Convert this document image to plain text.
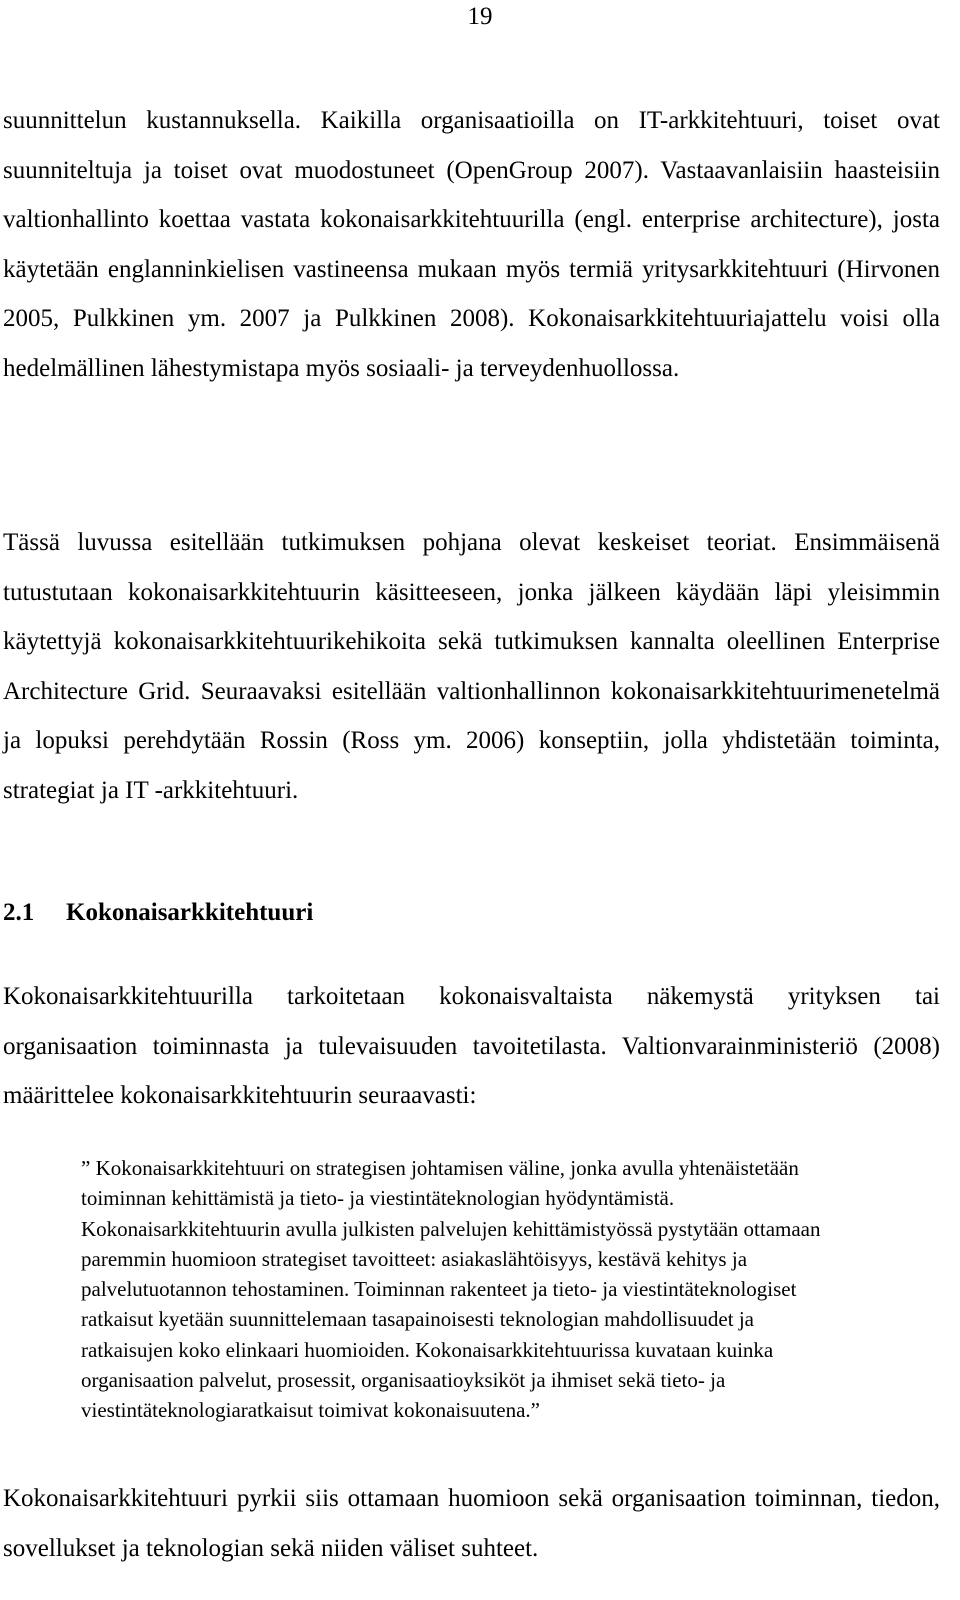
19

suunnittelun kustannuksella. Kaikilla organisaatioilla on IT-arkkitehtuuri, toiset ovat suunniteltuja ja toiset ovat muodostuneet (OpenGroup 2007). Vastaavanlaisiin haasteisiin valtionhallinto koettaa vastata kokonaisarkkitehtuurilla (engl. enterprise architecture), josta käytetään englanninkielisen vastineensa mukaan myös termiä yritysarkkitehtuuri (Hirvonen 2005, Pulkkinen ym. 2007 ja Pulkkinen 2008). Kokonaisarkkitehtuuriajattelu voisi olla hedelmällinen lähestymistapa myös sosiaali- ja terveydenhuollossa.

Tässä luvussa esitellään tutkimuksen pohjana olevat keskeiset teoriat. Ensimmäisenä tutustutaan kokonaisarkkitehtuurin käsitteeseen, jonka jälkeen käydään läpi yleisimmin käytettyjä kokonaisarkkitehtuurikehikoita sekä tutkimuksen kannalta oleellinen Enterprise Architecture Grid. Seuraavaksi esitellään valtionhallinnon kokonaisarkkitehtuurimenetelmä ja lopuksi perehdytään Rossin (Ross ym. 2006) konseptiin, jolla yhdistetään toiminta, strategiat ja IT -arkkitehtuuri.

2.1 Kokonaisarkkitehtuuri

Kokonaisarkkitehtuurilla tarkoitetaan kokonaisvaltaista näkemystä yrityksen tai organisaation toiminnasta ja tulevaisuuden tavoitetilasta. Valtionvarainministeriö (2008) määrittelee kokonaisarkkitehtuurin seuraavasti:

” Kokonaisarkkitehtuuri on strategisen johtamisen väline, jonka avulla yhtenäistetään toiminnan kehittämistä ja tieto- ja viestintäteknologian hyödyntämistä. Kokonaisarkkitehtuurin avulla julkisten palvelujen kehittämistyössä pystytään ottamaan paremmin huomioon strategiset tavoitteet: asiakaslähtöisyys, kestävä kehitys ja palvelutuotannon tehostaminen. Toiminnan rakenteet ja tieto- ja viestintäteknologiset ratkaisut kyetään suunnittelemaan tasapainoisesti teknologian mahdollisuudet ja ratkaisujen koko elinkaari huomioiden. Kokonaisarkkitehtuurissa kuvataan kuinka organisaation palvelut, prosessit, organisaatioyksiköt ja ihmiset sekä tieto- ja viestintäteknologiaratkaisut toimivat kokonaisuutena.”

Kokonaisarkkitehtuuri pyrkii siis ottamaan huomioon sekä organisaation toiminnan, tiedon, sovellukset ja teknologian sekä niiden väliset suhteet.
